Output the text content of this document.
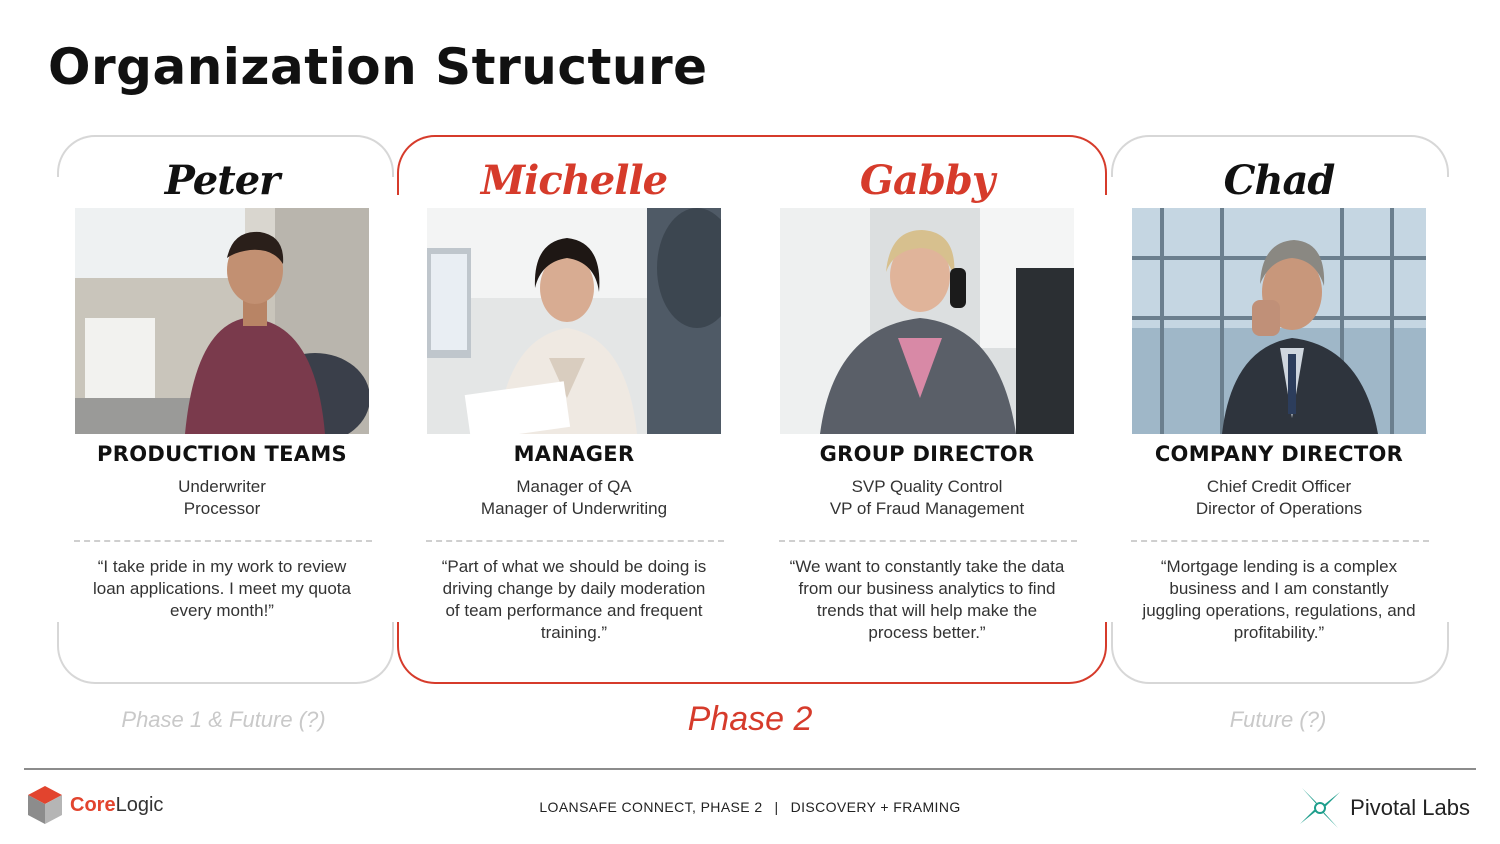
Organization Structure
Peter
PRODUCTION TEAMS
Underwriter
Processor
“I take pride in my work to review loan applications. I meet my quota every month!”
Michelle
MANAGER
Manager of QA
Manager of Underwriting
“Part of what we should be doing is driving change by daily moderation of team performance and frequent training.”
Gabby
GROUP DIRECTOR
SVP Quality Control
VP of Fraud Management
“We want to constantly take the data from our business analytics to find trends that will help make the process better.”
Chad
COMPANY DIRECTOR
Chief Credit Officer
Director of Operations
“Mortgage lending is a complex business and I am constantly juggling operations, regulations, and profitability.”
Phase 1 & Future (?)	Phase 2	Future (?)
CoreLogic	LOANSAFE CONNECT, PHASE 2 | DISCOVERY + FRAMING	Pivotal Labs
